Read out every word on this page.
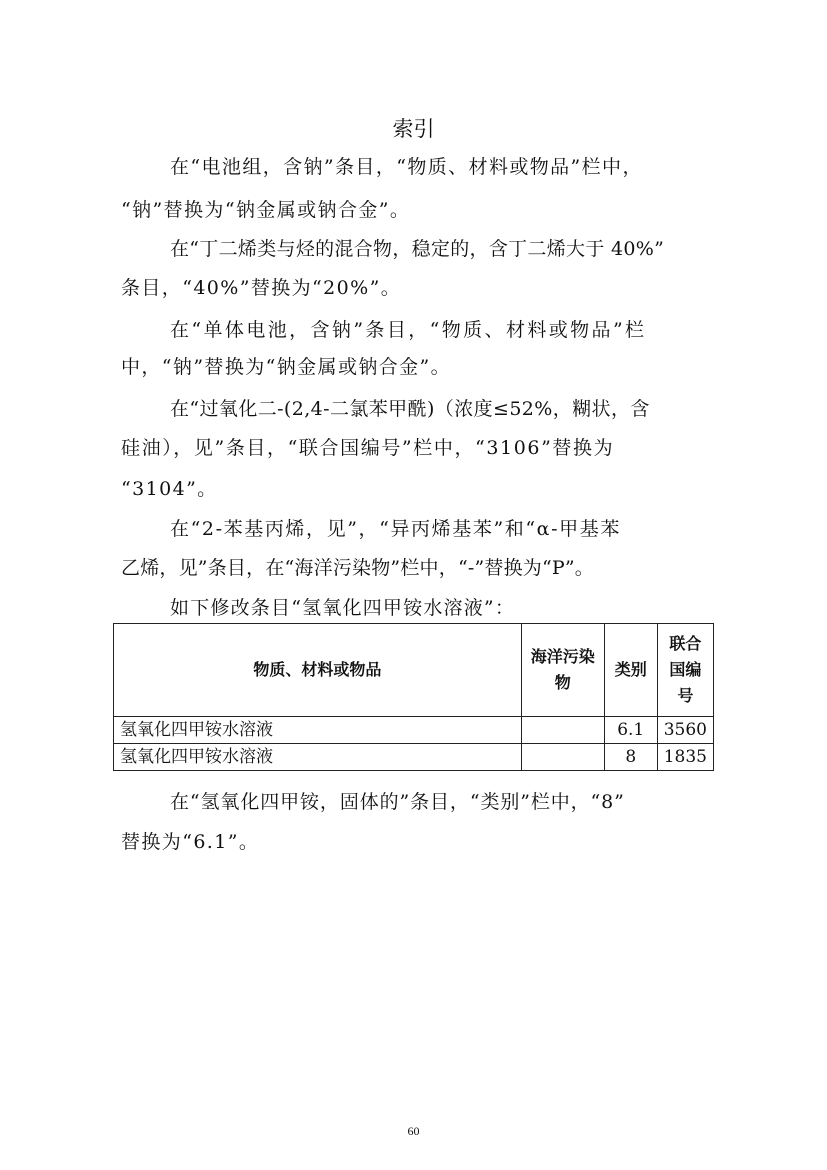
索引
在“电池组，含钠”条目，“物质、材料或物品”栏中，
“钠”替换为“钠金属或钠合金”。
在“丁二烯类与烃的混合物，稳定的，含丁二烯大于 40%”
条目，“40%”替换为“20%”。
在“单体电池，含钠”条目，“物质、材料或物品”栏
中，“钠”替换为“钠金属或钠合金”。
在“过氧化二-(2,4-二氯苯甲酰)（浓度≤52%，糊状，含
硅油），见”条目，“联合国编号”栏中，“3106”替换为
“3104”。
在“2-苯基丙烯，见”，“异丙烯基苯”和“α-甲基苯
乙烯，见”条目，在“海洋污染物”栏中，“-”替换为“P”。
如下修改条目“氢氧化四甲铵水溶液”：
物质、材料或物品	海洋污染物	类别	联合国编号
氢氧化四甲铵水溶液		6.1	3560
氢氧化四甲铵水溶液		8	1835
在“氢氧化四甲铵，固体的”条目，“类别”栏中，“8”
替换为“6.1”。
60
